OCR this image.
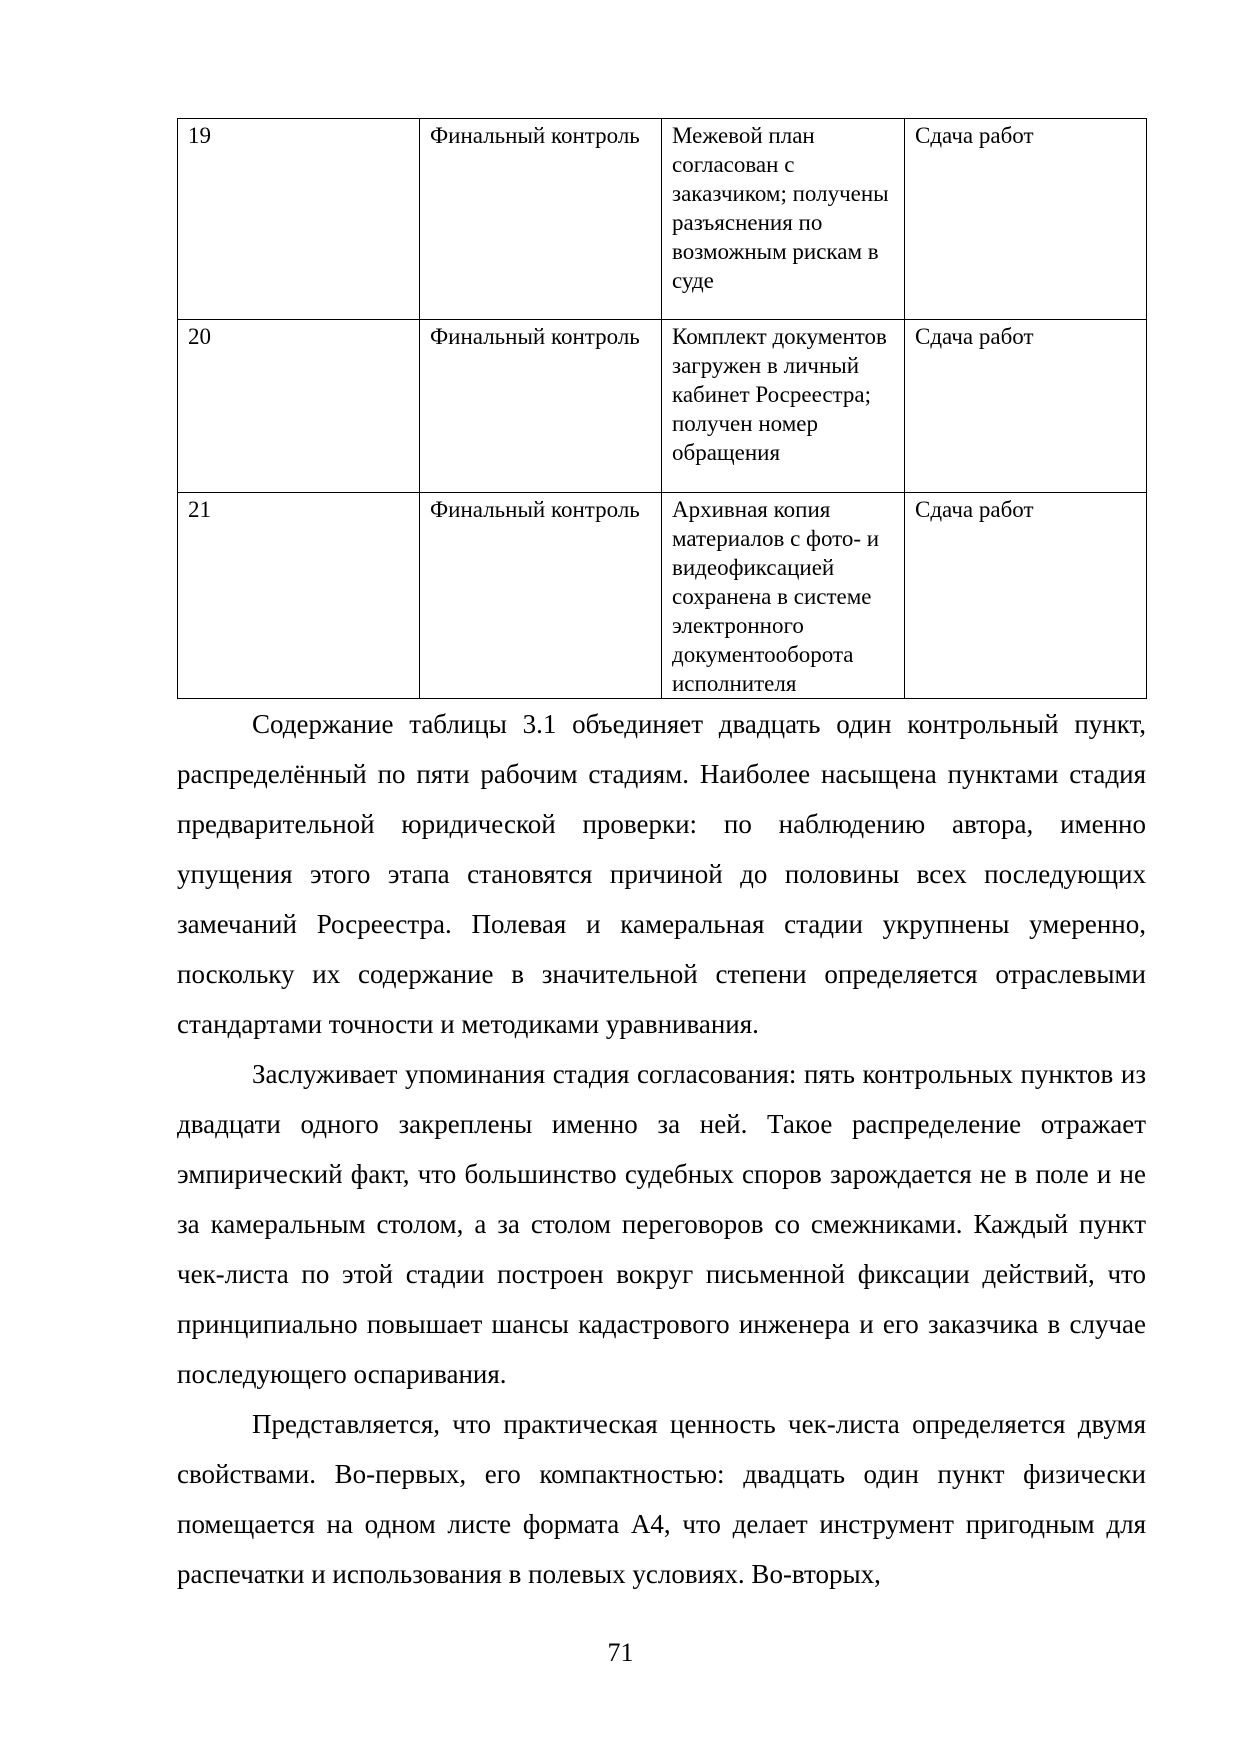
19	Финальный контроль	Межевой план согласован с заказчиком; получены разъяснения по возможным рискам в суде	Сдача работ
20	Финальный контроль	Комплект документов загружен в личный кабинет Росреестра; получен номер обращения	Сдача работ
21	Финальный контроль	Архивная копия материалов с фото- и видеофиксацией сохранена в системе электронного документооборота исполнителя	Сдача работ

Содержание таблицы 3.1 объединяет двадцать один контрольный пункт, распределённый по пяти рабочим стадиям. Наиболее насыщена пунктами стадия предварительной юридической проверки: по наблюдению автора, именно упущения этого этапа становятся причиной до половины всех последующих замечаний Росреестра. Полевая и камеральная стадии укрупнены умеренно, поскольку их содержание в значительной степени определяется отраслевыми стандартами точности и методиками уравнивания.

Заслуживает упоминания стадия согласования: пять контрольных пунктов из двадцати одного закреплены именно за ней. Такое распределение отражает эмпирический факт, что большинство судебных споров зарождается не в поле и не за камеральным столом, а за столом переговоров со смежниками. Каждый пункт чек-листа по этой стадии построен вокруг письменной фиксации действий, что принципиально повышает шансы кадастрового инженера и его заказчика в случае последующего оспаривания.

Представляется, что практическая ценность чек-листа определяется двумя свойствами. Во-первых, его компактностью: двадцать один пункт физически помещается на одном листе формата А4, что делает инструмент пригодным для распечатки и использования в полевых условиях. Во-вторых,

71
